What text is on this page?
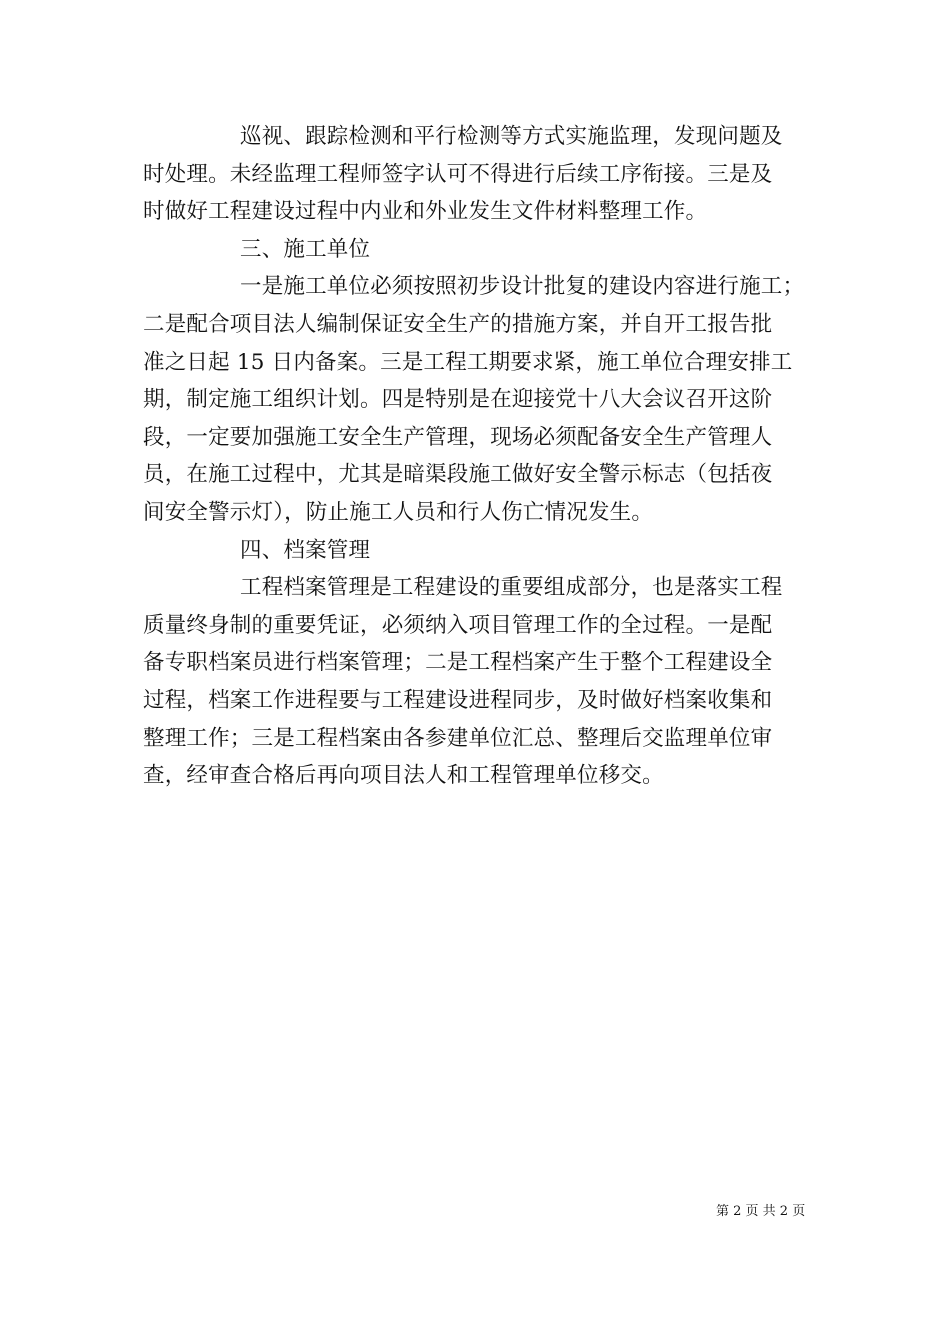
巡视、跟踪检测和平行检测等方式实施监理，发现问题及
时处理。未经监理工程师签字认可不得进行后续工序衔接。三是及
时做好工程建设过程中内业和外业发生文件材料整理工作。
三、施工单位
一是施工单位必须按照初步设计批复的建设内容进行施工；
二是配合项目法人编制保证安全生产的措施方案，并自开工报告批
准之日起 15 日内备案。三是工程工期要求紧，施工单位合理安排工
期，制定施工组织计划。四是特别是在迎接党十八大会议召开这阶
段，一定要加强施工安全生产管理，现场必须配备安全生产管理人
员，在施工过程中，尤其是暗渠段施工做好安全警示标志（包括夜
间安全警示灯），防止施工人员和行人伤亡情况发生。
四、档案管理
工程档案管理是工程建设的重要组成部分，也是落实工程
质量终身制的重要凭证，必须纳入项目管理工作的全过程。一是配
备专职档案员进行档案管理；二是工程档案产生于整个工程建设全
过程，档案工作进程要与工程建设进程同步，及时做好档案收集和
整理工作；三是工程档案由各参建单位汇总、整理后交监理单位审
查，经审查合格后再向项目法人和工程管理单位移交。
第 2 页 共 2 页
